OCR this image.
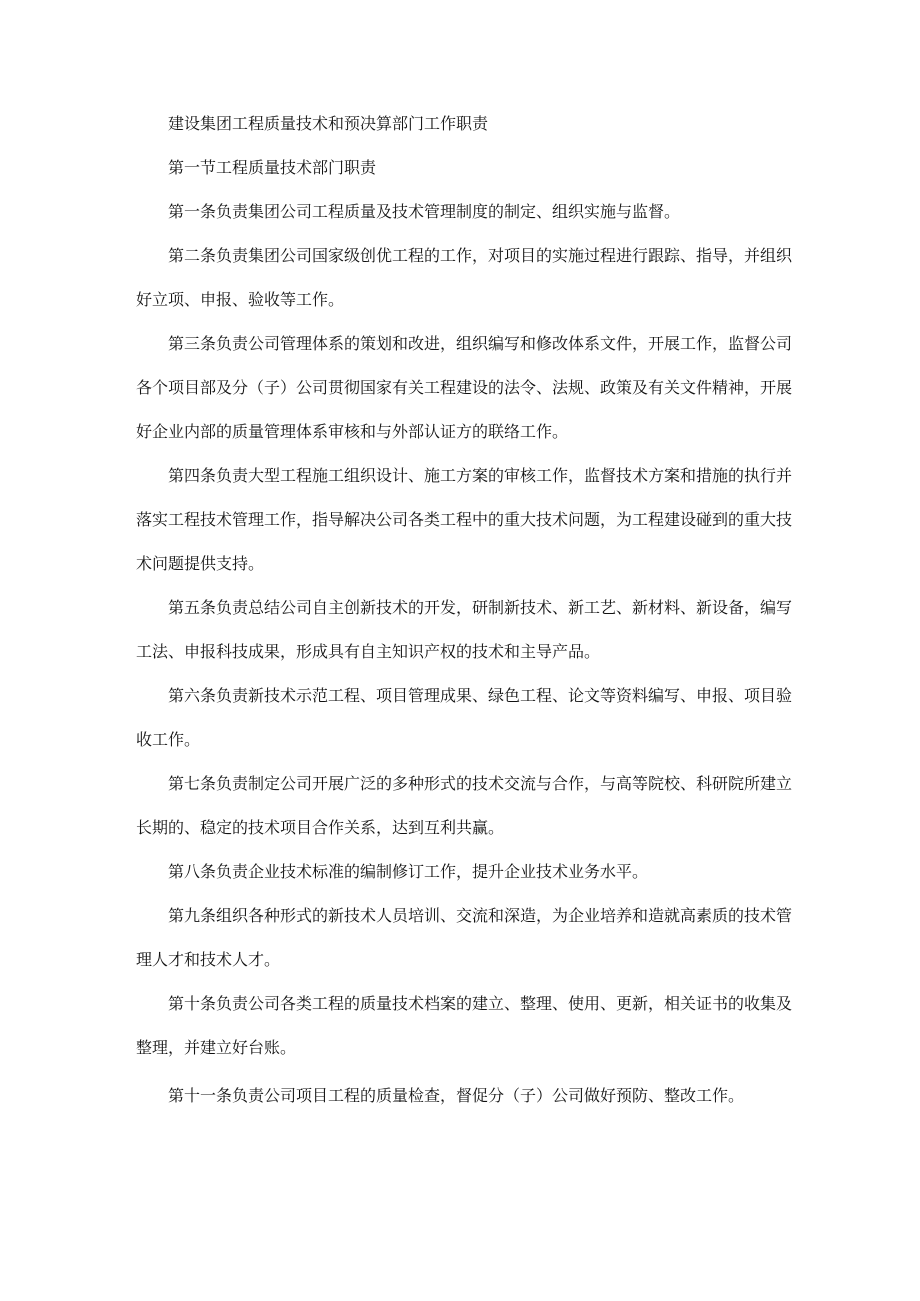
建设集团工程质量技术和预决算部门工作职责
第一节工程质量技术部门职责
第一条负责集团公司工程质量及技术管理制度的制定、组织实施与监督。
第二条负责集团公司国家级创优工程的工作，对项目的实施过程进行跟踪、指导，并组织
好立项、申报、验收等工作。
第三条负责公司管理体系的策划和改进，组织编写和修改体系文件，开展工作，监督公司
各个项目部及分（子）公司贯彻国家有关工程建设的法令、法规、政策及有关文件精神，开展
好企业内部的质量管理体系审核和与外部认证方的联络工作。
第四条负责大型工程施工组织设计、施工方案的审核工作，监督技术方案和措施的执行并
落实工程技术管理工作，指导解决公司各类工程中的重大技术问题，为工程建设碰到的重大技
术问题提供支持。
第五条负责总结公司自主创新技术的开发，研制新技术、新工艺、新材料、新设备，编写
工法、申报科技成果，形成具有自主知识产权的技术和主导产品。
第六条负责新技术示范工程、项目管理成果、绿色工程、论文等资料编写、申报、项目验
收工作。
第七条负责制定公司开展广泛的多种形式的技术交流与合作，与高等院校、科研院所建立
长期的、稳定的技术项目合作关系，达到互利共赢。
第八条负责企业技术标准的编制修订工作，提升企业技术业务水平。
第九条组织各种形式的新技术人员培训、交流和深造，为企业培养和造就高素质的技术管
理人才和技术人才。
第十条负责公司各类工程的质量技术档案的建立、整理、使用、更新，相关证书的收集及
整理，并建立好台账。
第十一条负责公司项目工程的质量检查，督促分（子）公司做好预防、整改工作。
